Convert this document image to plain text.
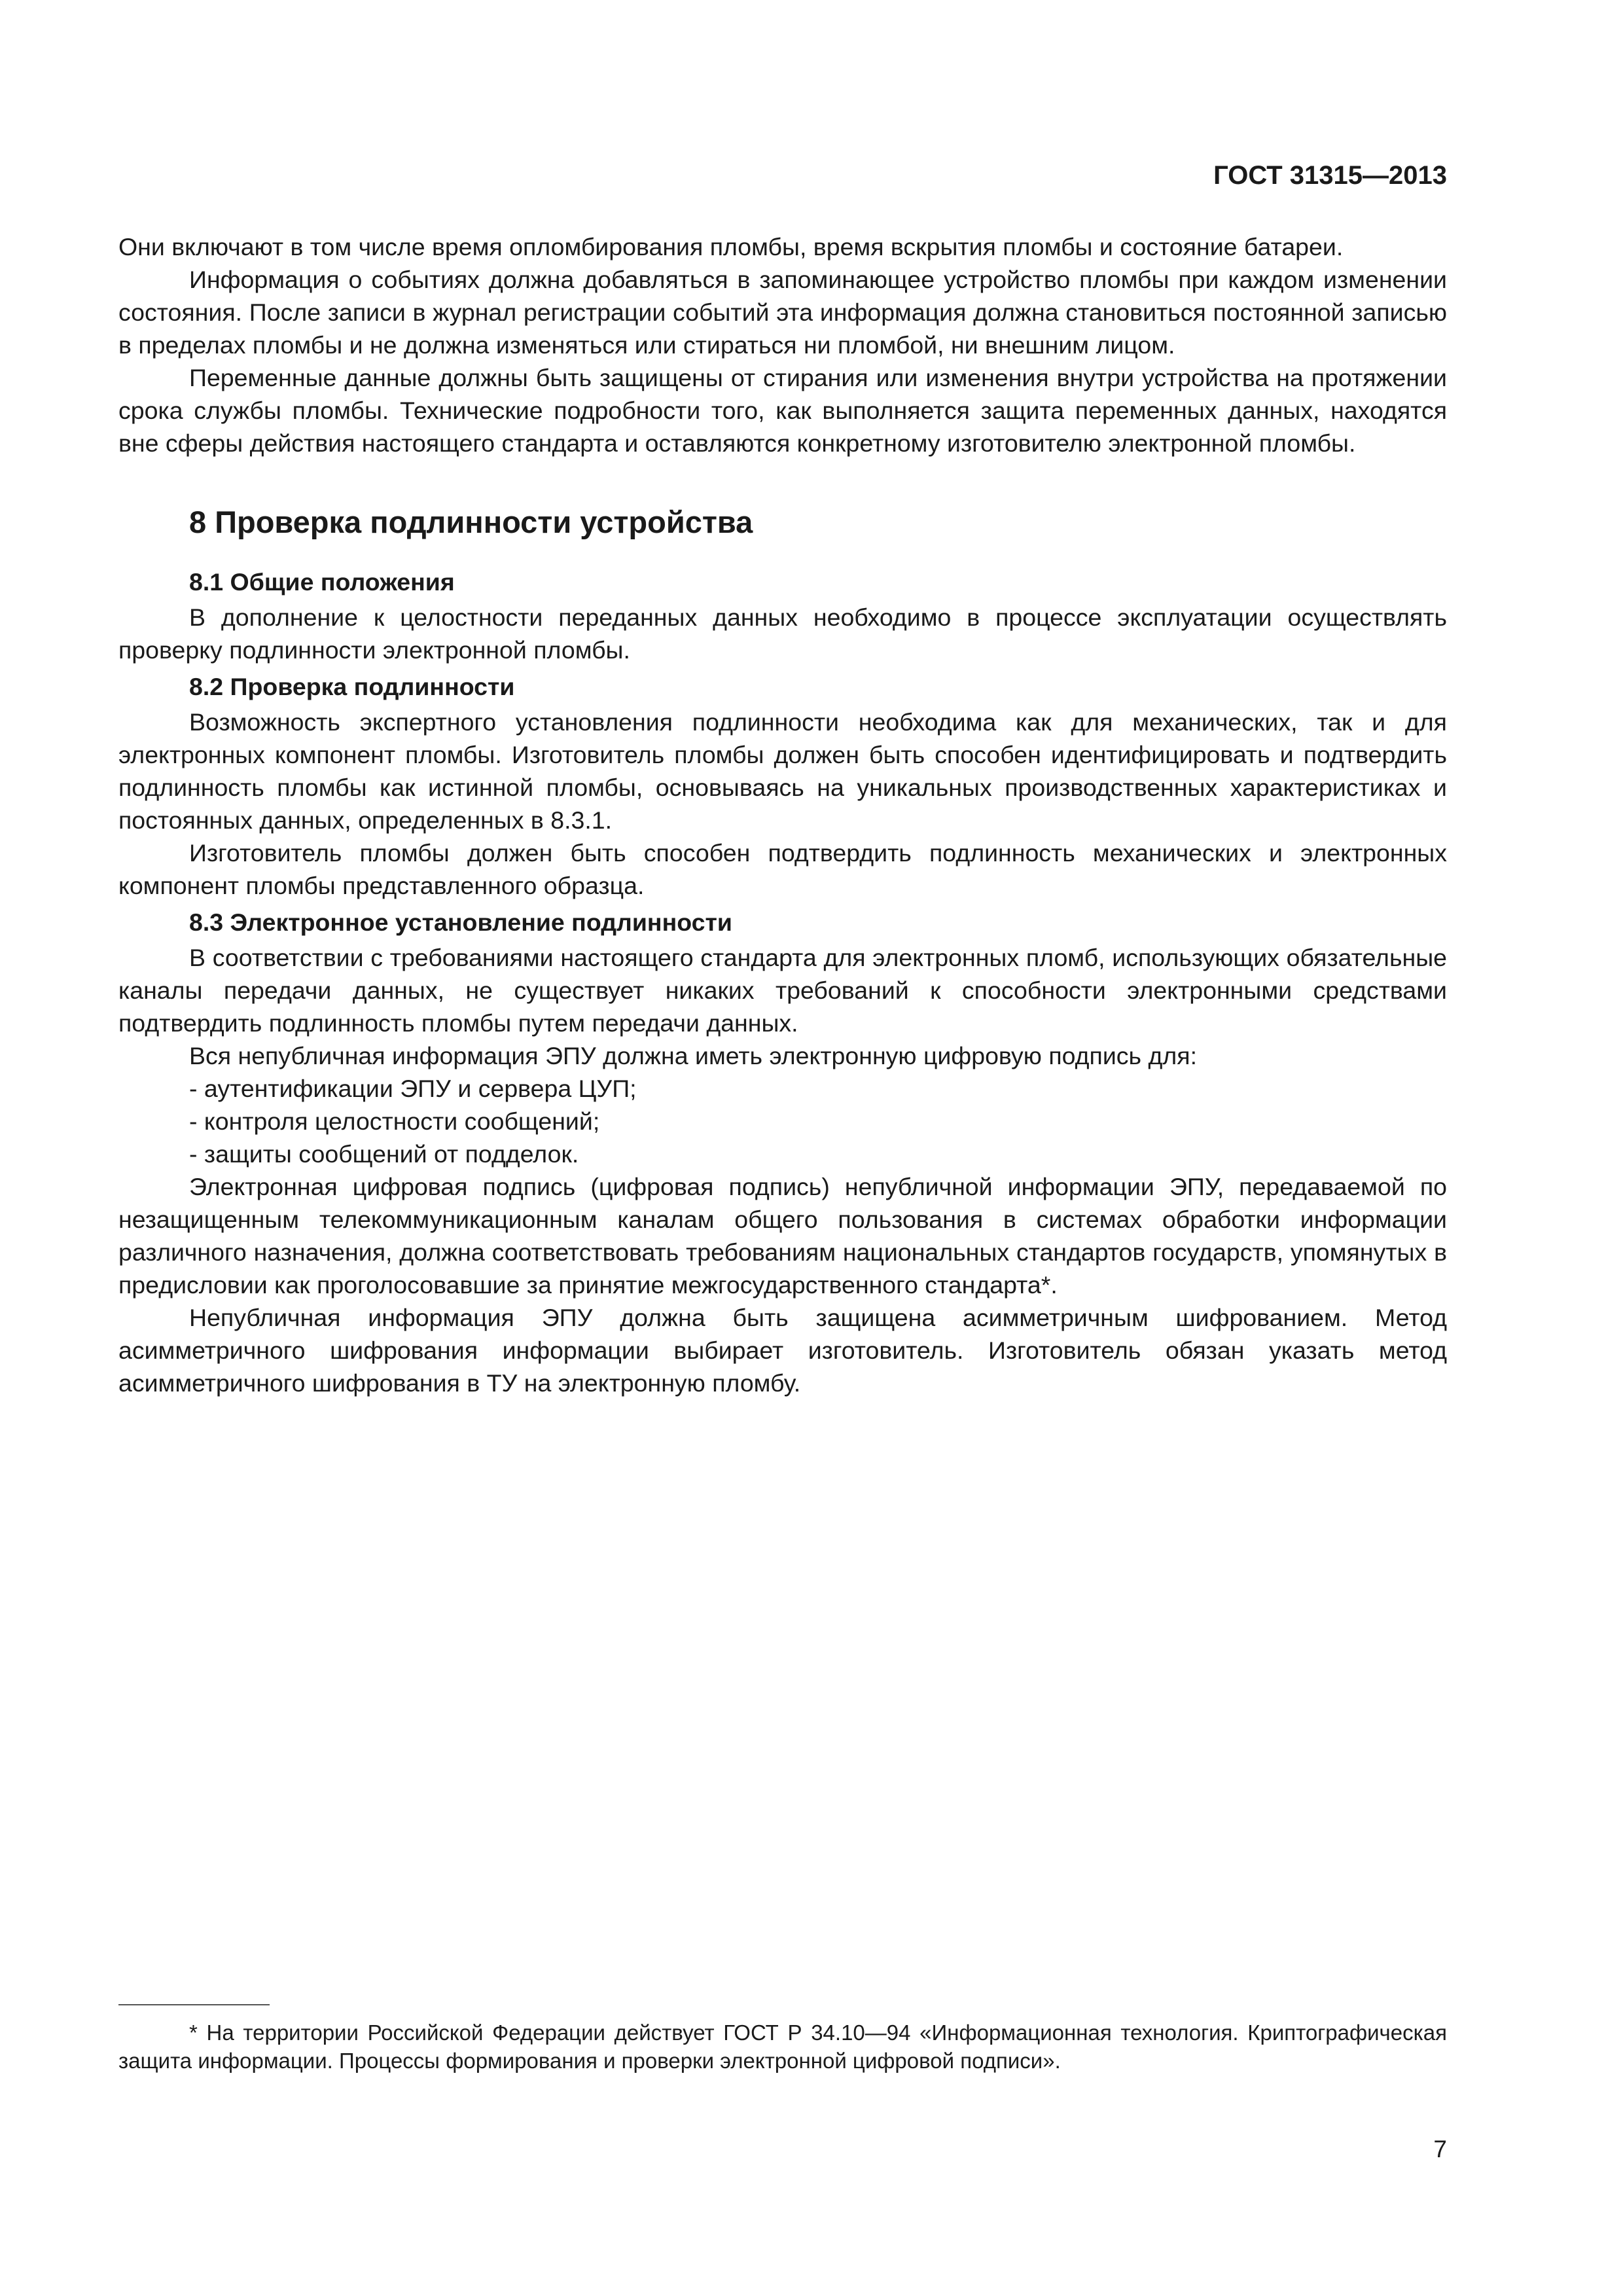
ГОСТ 31315—2013

Они включают в том числе время опломбирования пломбы, время вскрытия пломбы и состояние батареи.

Информация о событиях должна добавляться в запоминающее устройство пломбы при каждом изменении состояния. После записи в журнал регистрации событий эта информация должна становиться постоянной записью в пределах пломбы и не должна изменяться или стираться ни пломбой, ни внешним лицом.

Переменные данные должны быть защищены от стирания или изменения внутри устройства на протяжении срока службы пломбы. Технические подробности того, как выполняется защита переменных данных, находятся вне сферы действия настоящего стандарта и оставляются конкретному изготовителю электронной пломбы.

8 Проверка подлинности устройства
8.1 Общие положения

В дополнение к целостности переданных данных необходимо в процессе эксплуатации осуществлять проверку подлинности электронной пломбы.

8.2 Проверка подлинности

Возможность экспертного установления подлинности необходима как для механических, так и для электронных компонент пломбы. Изготовитель пломбы должен быть способен идентифицировать и подтвердить подлинность пломбы как истинной пломбы, основываясь на уникальных производственных характеристиках и постоянных данных, определенных в 8.3.1.

Изготовитель пломбы должен быть способен подтвердить подлинность механических и электронных компонент пломбы представленного образца.

8.3 Электронное установление подлинности

В соответствии с требованиями настоящего стандарта для электронных пломб, использующих обязательные каналы передачи данных, не существует никаких требований к способности электронными средствами подтвердить подлинность пломбы путем передачи данных.

Вся непубличная информация ЭПУ должна иметь электронную цифровую подпись для:

- аутентификации ЭПУ и сервера ЦУП;

- контроля целостности сообщений;

- защиты сообщений от подделок.

Электронная цифровая подпись (цифровая подпись) непубличной информации ЭПУ, передаваемой по незащищенным телекоммуникационным каналам общего пользования в системах обработки информации различного назначения, должна соответствовать требованиям национальных стандартов государств, упомянутых в предисловии как проголосовавшие за принятие межгосударственного стандарта*.

Непубличная информация ЭПУ должна быть защищена асимметричным шифрованием. Метод асимметричного шифрования информации выбирает изготовитель. Изготовитель обязан указать метод асимметричного шифрования в ТУ на электронную пломбу.

* На территории Российской Федерации действует ГОСТ Р 34.10—94 «Информационная технология. Криптографическая защита информации. Процессы формирования и проверки электронной цифровой подписи».

7
